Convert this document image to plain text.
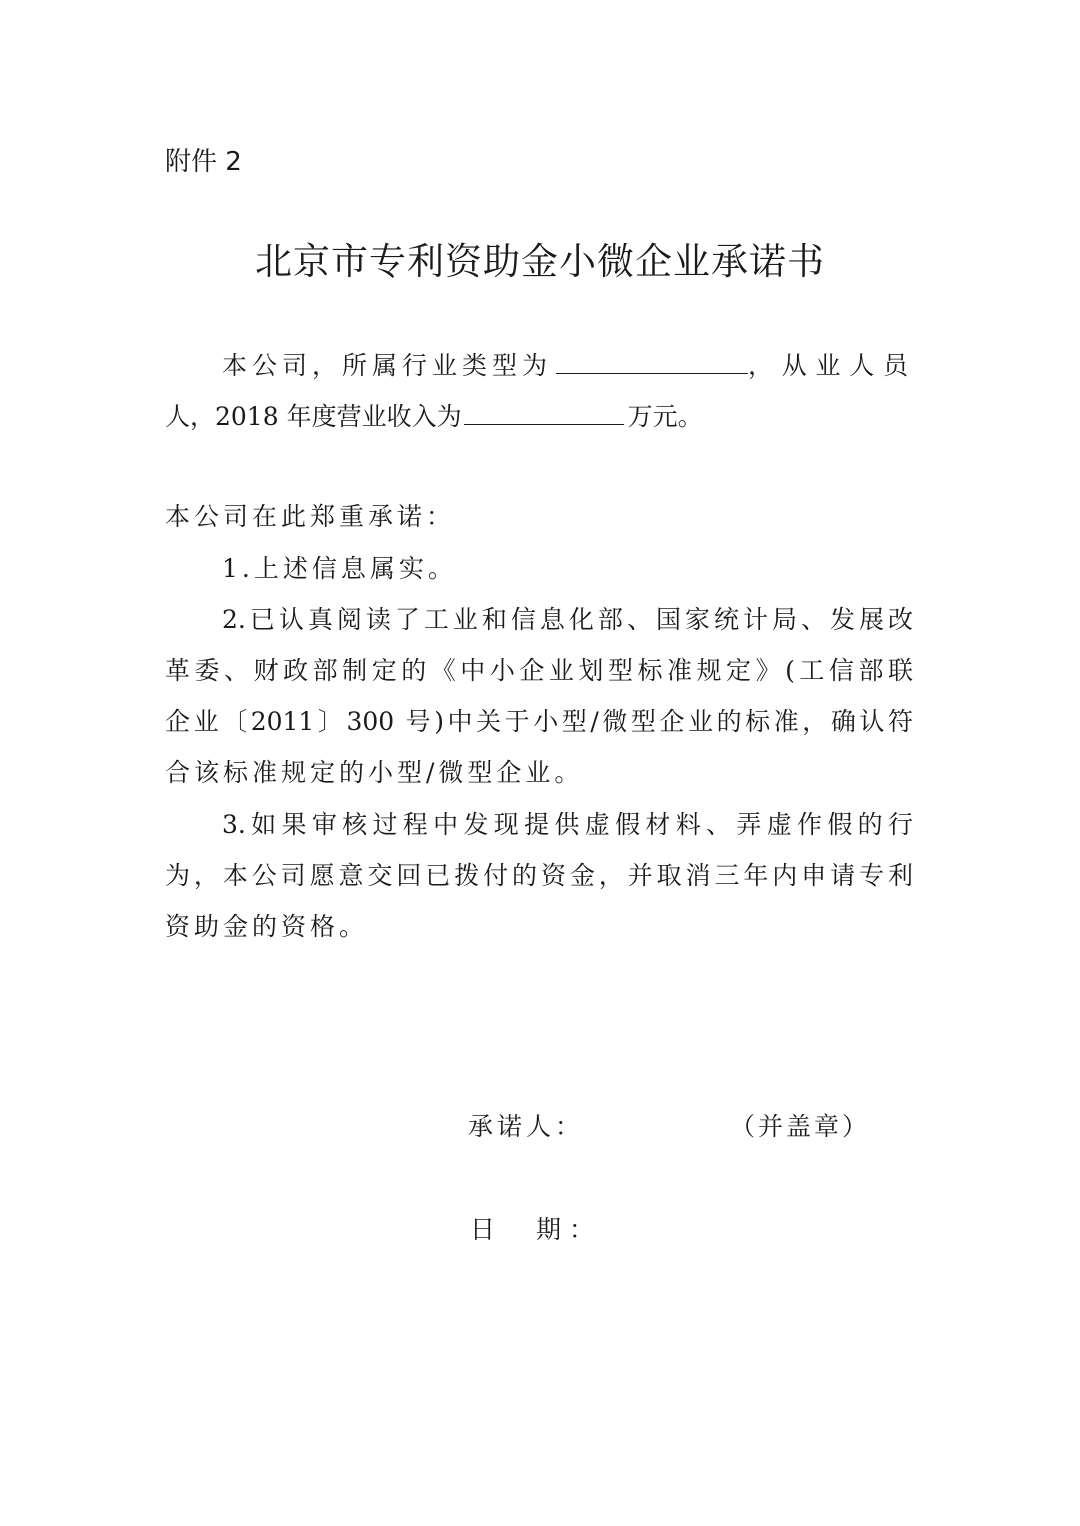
附件 2
北京市专利资助金小微企业承诺书
本公司，所属行业类型为	，从业人员
人，2018 年度营业收入为	万元。
本公司在此郑重承诺：
1.上述信息属实。
2.已认真阅读了工业和信息化部、国家统计局、发展改
革委、财政部制定的《中小企业划型标准规定》(工信部联
企业〔2011〕300 号)中关于小型/微型企业的标准，确认符
合该标准规定的小型/微型企业。
3.如果审核过程中发现提供虚假材料、弄虚作假的行
为，本公司愿意交回已拨付的资金，并取消三年内申请专利
资助金的资格。
承诺人：	（并盖章）
日　期：
